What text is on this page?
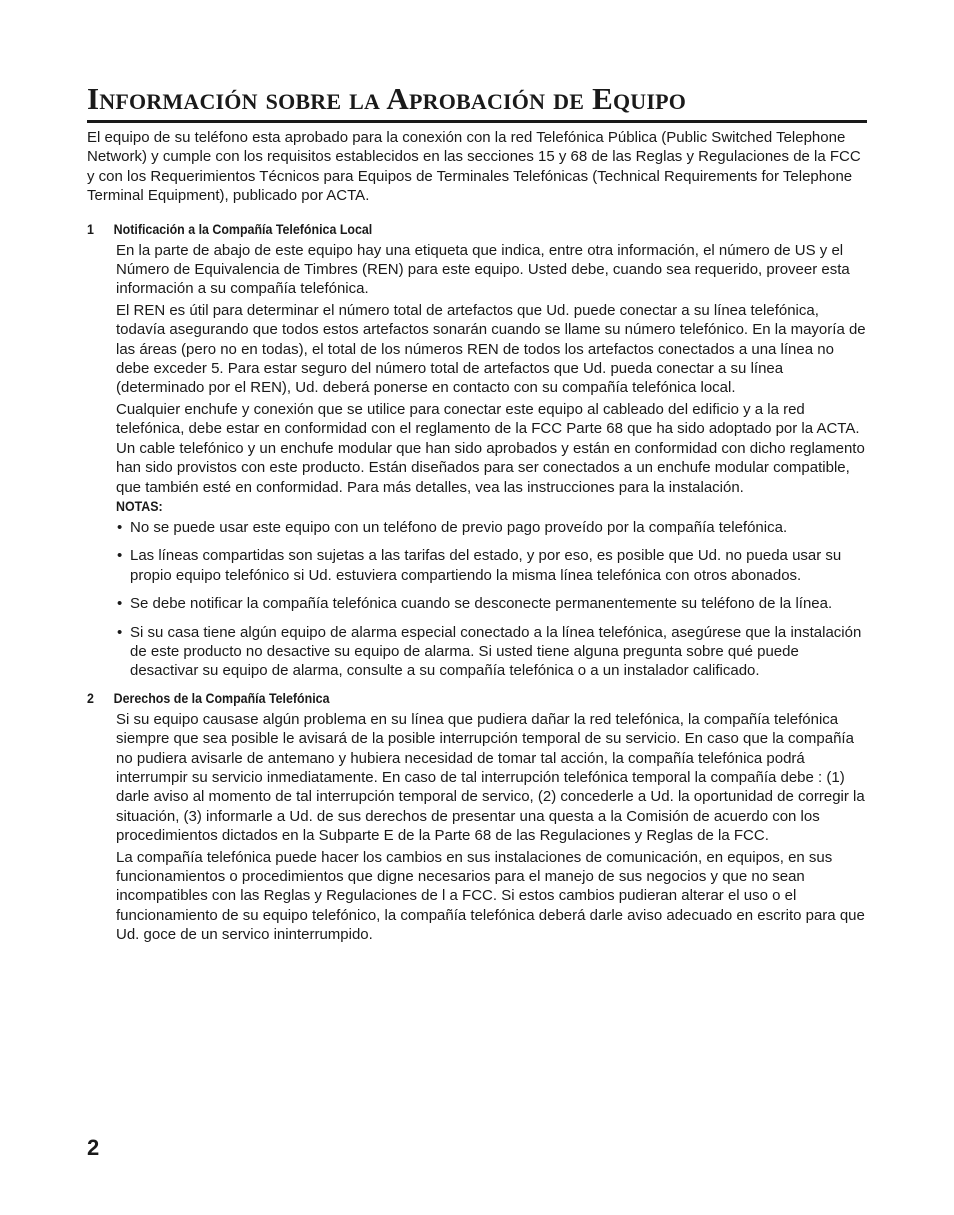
Información sobre la Aprobación de Equipo

El equipo de su teléfono esta aprobado para la conexión con la red Telefónica Pública (Public Switched Telephone Network) y cumple con los requisitos establecidos en las secciones 15 y 68 de las Reglas y Regulaciones de la FCC y con los Requerimientos Técnicos para Equipos de Terminales Telefónicas (Technical Requirements for Telephone Terminal Equipment), publicado por ACTA.

1 Notificación a la Compañía Telefónica Local

En la parte de abajo de este equipo hay una etiqueta que indica, entre otra información, el número de US y el Número de Equivalencia de Timbres (REN) para este equipo. Usted debe, cuando sea requerido, proveer esta información a su compañía telefónica.

El REN es útil para determinar el número total de artefactos que Ud. puede conectar a su línea telefónica, todavía asegurando que todos estos artefactos sonarán cuando se llame su número telefónico. En la mayoría de las áreas (pero no en todas), el total de los números REN de todos los artefactos conectados a una línea no debe exceder 5. Para estar seguro del número total de artefactos que Ud. pueda conectar a su línea (determinado por el REN), Ud. deberá ponerse en contacto con su compañía telefónica local.

Cualquier enchufe y conexión que se utilice para conectar este equipo al cableado del edificio y a la red telefónica, debe estar en conformidad con el reglamento de la FCC Parte 68 que ha sido adoptado por la ACTA. Un cable telefónico y un enchufe modular que han sido aprobados y están en conformidad con dicho reglamento han sido provistos con este producto. Están diseñados para ser conectados a un enchufe modular compatible, que también esté en conformidad. Para más detalles, vea las instrucciones para la instalación.

NOTAS:

• No se puede usar este equipo con un teléfono de previo pago proveído por la compañía telefónica.
• Las líneas compartidas son sujetas a las tarifas del estado, y por eso, es posible que Ud. no pueda usar su propio equipo telefónico si Ud. estuviera compartiendo la misma línea telefónica con otros abonados.
• Se debe notificar la compañía telefónica cuando se desconecte permanentemente su teléfono de la línea.
• Si su casa tiene algún equipo de alarma especial conectado a la línea telefónica, asegúrese que la instalación de este producto no desactive su equipo de alarma. Si usted tiene alguna pregunta sobre qué puede desactivar su equipo de alarma, consulte a su compañía telefónica o a un instalador calificado.

2 Derechos de la Compañía Telefónica

Si su equipo causase algún problema en su línea que pudiera dañar la red telefónica, la compañía telefónica siempre que sea posible le avisará de la posible interrupción temporal de su servicio. En caso que la compañía no pudiera avisarle de antemano y hubiera necesidad de tomar tal acción, la compañía telefónica podrá interrumpir su servicio inmediatamente. En caso de tal interrupción telefónica temporal la compañía debe : (1) darle aviso al momento de tal interrupción temporal de servico, (2) concederle a Ud. la oportunidad de corregir la situación, (3) informarle a Ud. de sus derechos de presentar una questa a la Comisión de acuerdo con los procedimientos dictados en la Subparte E de la Parte 68 de las Regulaciones y Reglas de la FCC.

La compañía telefónica puede hacer los cambios en sus instalaciones de comunicación, en equipos, en sus funcionamientos o procedimientos que digne necesarios para el manejo de sus negocios y que no sean incompatibles con las Reglas y Regulaciones de l a FCC. Si estos cambios pudieran alterar el uso o el funcionamiento de su equipo telefónico, la compañía telefónica deberá darle aviso adecuado en escrito para que Ud. goce de un servico ininterrumpido.

2
